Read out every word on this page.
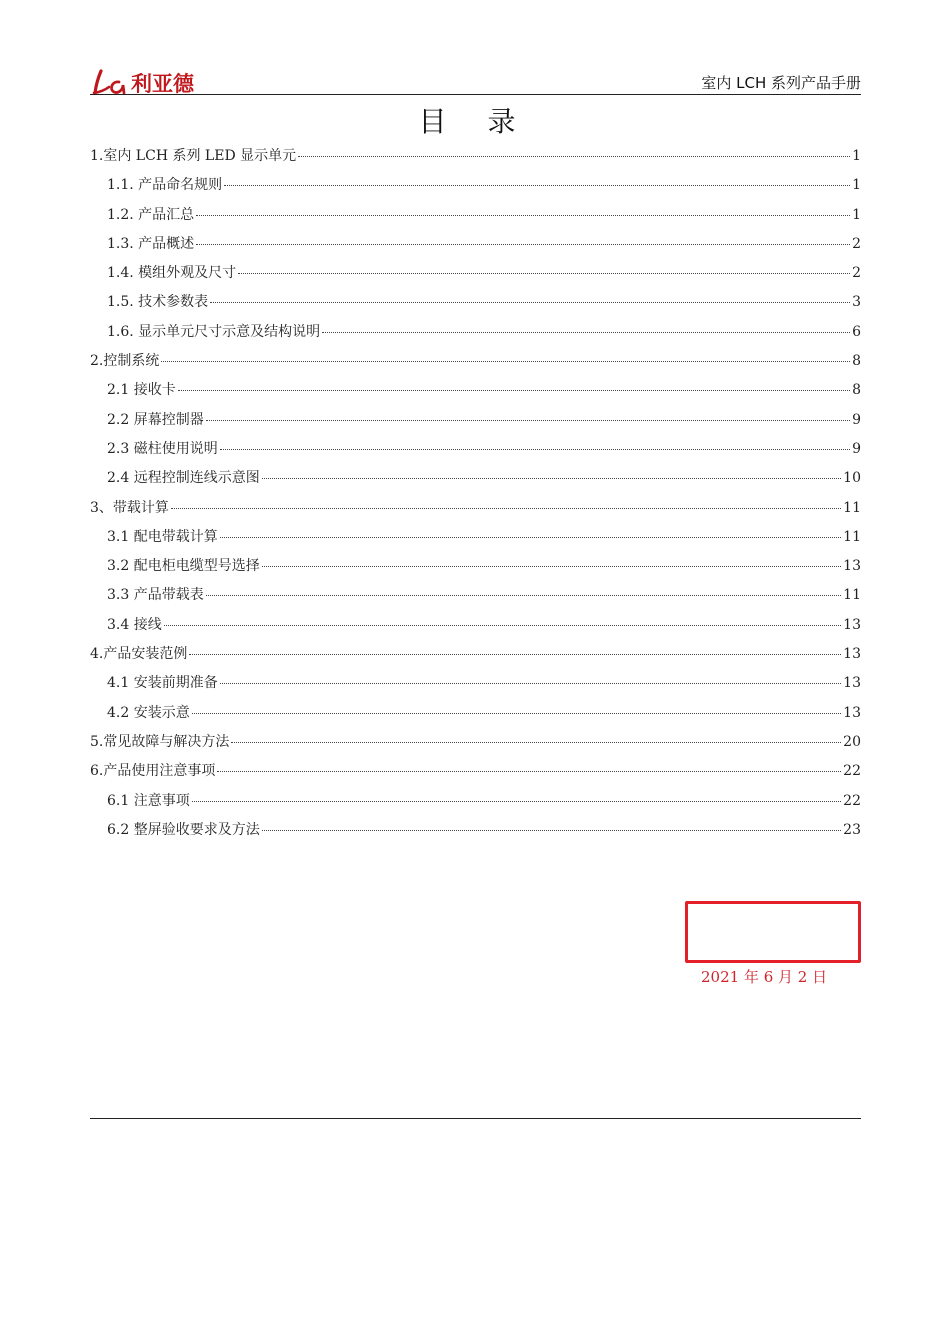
利亚德	室内 LCH 系列产品手册
目 录
1.室内 LCH 系列 LED 显示单元	1
1.1. 产品命名规则	1
1.2. 产品汇总	1
1.3. 产品概述	2
1.4. 模组外观及尺寸	2
1.5. 技术参数表	3
1.6. 显示单元尺寸示意及结构说明	6
2.控制系统	8
2.1 接收卡	8
2.2 屏幕控制器	9
2.3 磁柱使用说明	9
2.4 远程控制连线示意图	10
3、带载计算	11
3.1 配电带载计算	11
3.2 配电柜电缆型号选择	13
3.3 产品带载表	11
3.4 接线	13
4.产品安装范例	13
4.1 安装前期准备	13
4.2 安装示意	13
5.常见故障与解决方法	20
6.产品使用注意事项	22
6.1 注意事项	22
6.2 整屏验收要求及方法	23
2021 年 6 月 2 日
